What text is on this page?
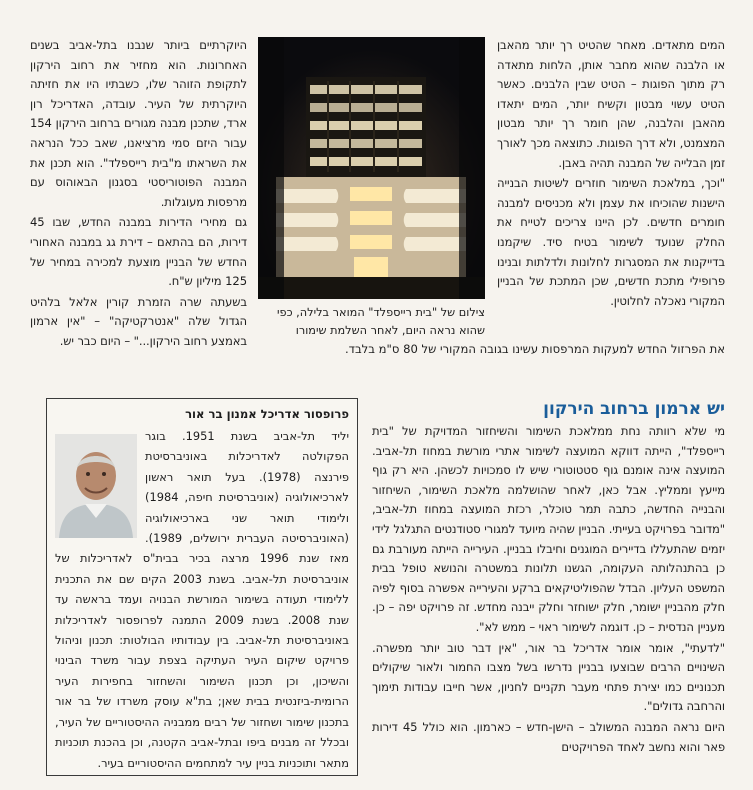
המים מתאדים. מאחר שהטיט רך יותר מהאבן או הלבנה שהוא מחבר אותן, הלחות מתאדה רק מתוך הפוגות – הטיט שבין הלבנים. כאשר הטיט עשוי מבטון וקשיח יותר, המים יתאדו מהאבן והלבנה, שהן חומר רך יותר מבטון המצמנט, ולא דרך הפוגות. כתוצאה מכך לאורך זמן הבלייה של המבנה תהיה באבן.

"וכך, במלאכת השימור חוזרים לשיטות הבנייה הישנות שהוכיחו את עצמן ולא מכניסים למבנה חומרים חדשים. לכן היינו צריכים לטייח את החלק שנועד לשימור בטיח סיד. שיקמנו בדייקנות את המסגרות לחלונות ולדלתות ובנינו פרופילי מתכת חדשים, שכן המתכת של הבניין המקורי נאכלה לחלוטין.

צילום של "בית רייספלד" המואר בלילה, כפי שהוא נראה היום, לאחר השלמת שימורו

היוקרתיים ביותר שנבנו בתל-אביב בשנים האחרונות. הוא מחזיר את רחוב הירקון לתקופת הזוהר שלו, כשבתיו היו את חזיתה היוקרתית של העיר. עובדה, האדריכל רון ארד, שתכנן מבנה מגורים ברחוב הירקון 154 עבור היזם סמי מרציאנו, שאב ככל הנראה את השראתו מ"בית רייספלד". הוא תכנן את המבנה הפוטוריסטי בסגנון הבאוהוס עם מרפסות מעוגלות.

גם מחירי הדירות במבנה החדש, שבו 45 דירות, הם בהתאם – דירת גג במבנה האחורי החדש של הבניין מוצעת למכירה במחיר של 125 מיליון ש"ח.

בשעתה שרה הזמרת קורין אלאל בלהיט הגדול שלה "אנטרקטיקה" – "אין ארמון באמצע רחוב הירקון..." – היום כבר יש.

את הפרזול החדש למעקות המרפסות עשינו בגובה המקורי של 80 ס"מ בלבד.
יש ארמון ברחוב הירקון

מי שלא רוותה נחת ממלאכת השימור והשיחזור המדויקת של "בית רייספלד", הייתה דווקא המועצה לשימור אתרי מורשת במחוז תל-אביב. המועצה אינה אומנם גוף סטטוטורי שיש לו סמכויות לכשהן. היא רק גוף מייעץ וממליץ. אבל כאן, לאחר שהושלמה מלאכת השימור, השיחזור והבנייה החדשה, כתבה תמר טוכלר, רכזת המועצה במחוז תל-אביב, "מדובר בפרויקט בעייתי. הבניין שהיה מיועד למגורי סטודנטים התגלגל לידי יזמים שהתעללו בדיירים המוגנים וחיבלו בבניין. העירייה הייתה מעורבת גם כן בהתנהלותה העקומה, הגשנו תלונות במשטרה והנושא טופל בבית המשפט העליון. הבדל שהפוליטיקאים ברקע והעירייה אפשרה בסוף לפיה חלק מהבניין ישומר, חלק ישוחזר וחלק ייבנה מחדש. זה פרויקט יפה – כן. מעניין הנדסית – כן. דוגמה לשימור ראוי – ממש לא".

"לדעתי", אומר אומר אדריכל בר אור, "אין דבר טוב יותר מפשרה. השינויים הרבים שבוצעו בבניין נדרשו בשל מצבו החמור ולאור שיקולים תכנוניים כמו יצירת פתחי מעבר תקניים לחניון, אשר חייבו עבודות תימוך והרחבה גדולים".

היום נראה המבנה המשולב – הישן-חדש – כארמון. הוא כולל 45 דירות פאר והוא נחשב לאחד הפרויקטים

פרופסור אדריכל אמנון בר אור
יליד תל-אביב בשנת 1951. בוגר הפקולטה לאדריכלות באוניברסיטת פירנצה (1978). בעל תואר ראשון לארכיאולוגיה (אוניברסיטת חיפה, 1984) ולימודי תואר שני בארכיאולוגיה (האוניברסיטה העברית ירושלים, 1989). מאז שנת 1996 מרצה בכיר בבית"ס לאדריכלות של אוניברסיטת תל-אביב. בשנת 2003 הקים שם את התכנית ללימודי תעודה בשימור המורשת הבנויה ועמד בראשה עד שנת 2008. בשנת 2009 התמנה לפרופסור לאדריכלות באוניברסיטת תל-אביב. בין עבודותיו הבולטות: תכנון וניהול פרויקט שיקום העיר העתיקה בצפת עבור משרד הבינוי והשיכון, וכן תכנון השימור והשחזור בחפירות העיר הרומית-ביזנטית בבית שאן; בת"א עוסק משרדו של בר אור בתכנון שימור ושחזור של רבים ממבניה ההיסטוריים של העיר, ובכלל זה מבנים ביפו ובתל-אביב הקטנה, וכן בהכנת תוכניות מתאר ותוכניות בניין עיר למתחמים ההיסטוריים בעיר.
